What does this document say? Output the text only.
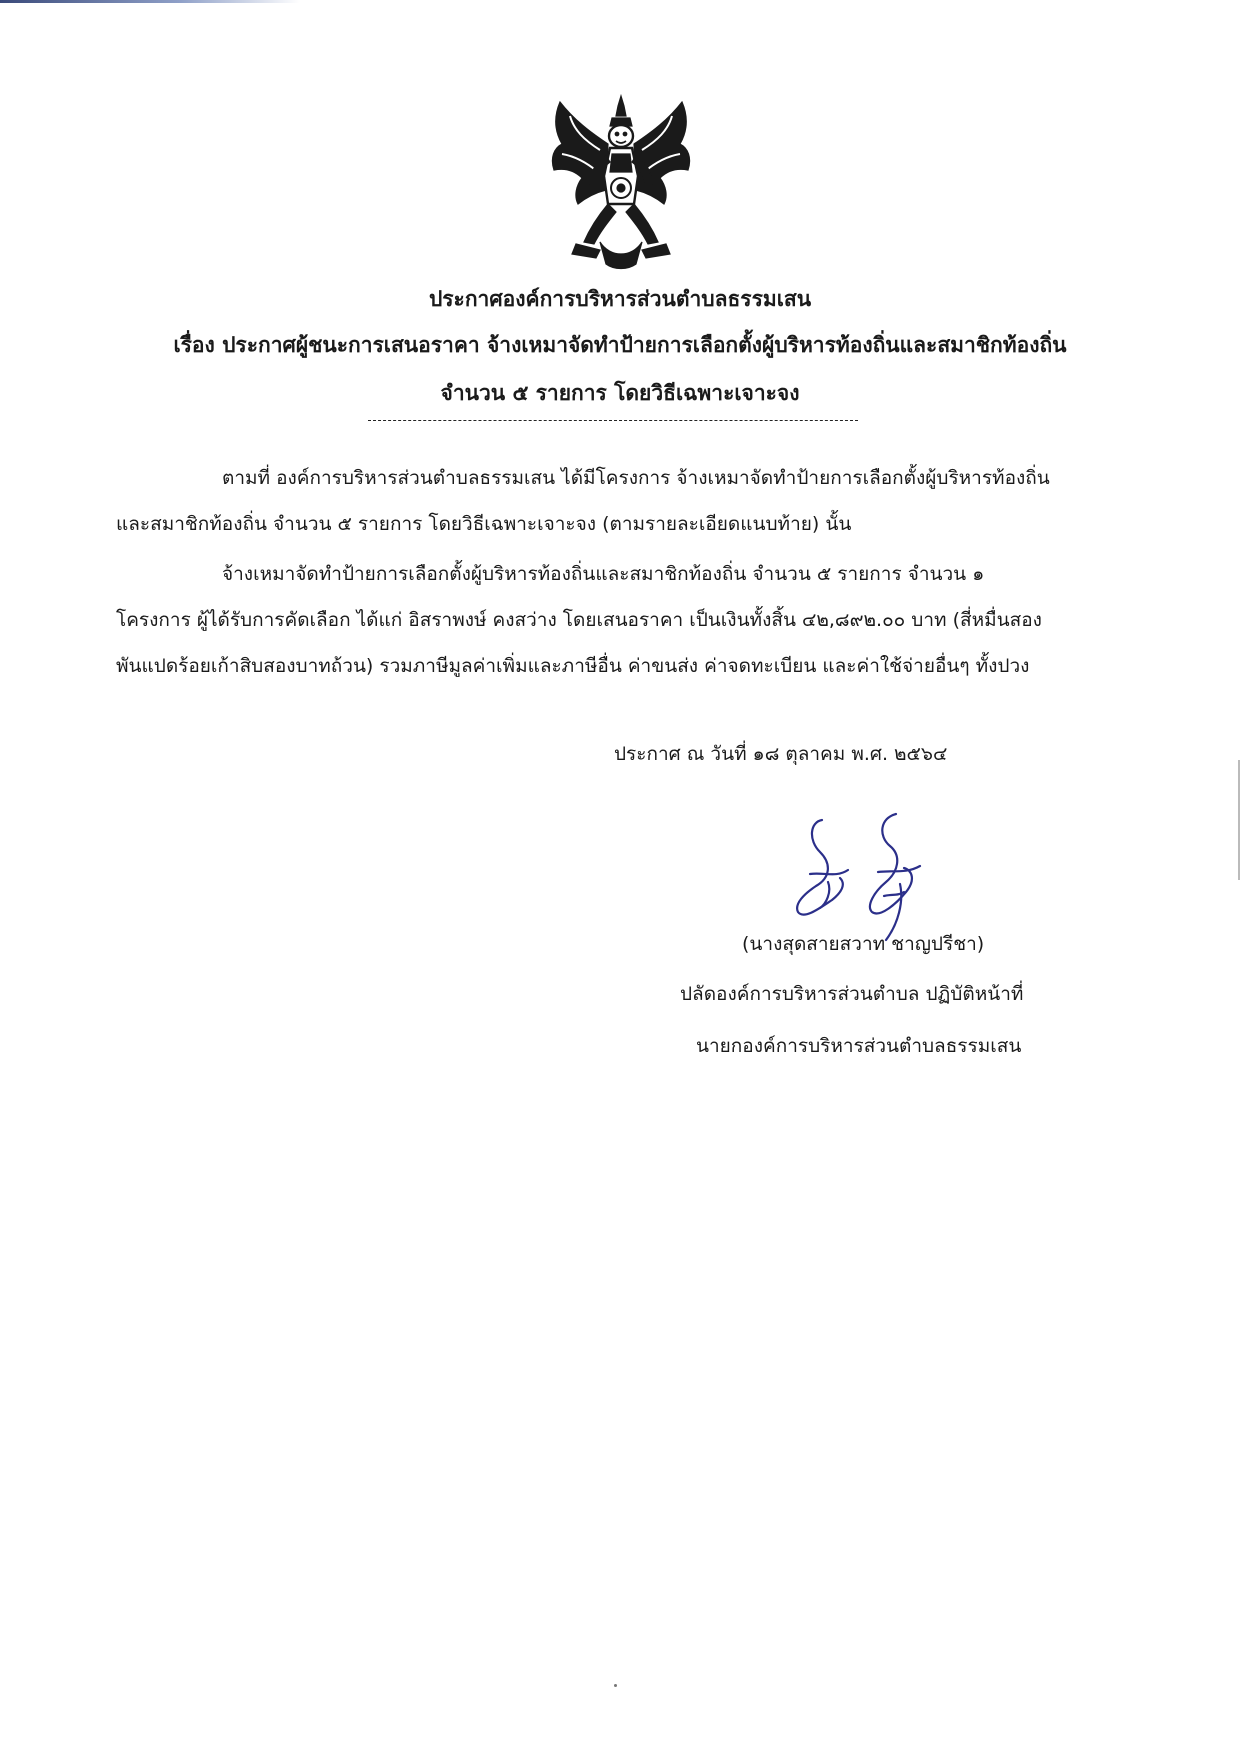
ประกาศองค์การบริหารส่วนตำบลธรรมเสน
เรื่อง ประกาศผู้ชนะการเสนอราคา จ้างเหมาจัดทำป้ายการเลือกตั้งผู้บริหารท้องถิ่นและสมาชิกท้องถิ่น
จำนวน ๕ รายการ โดยวิธีเฉพาะเจาะจง
ตามที่ องค์การบริหารส่วนตำบลธรรมเสน ได้มีโครงการ จ้างเหมาจัดทำป้ายการเลือกตั้งผู้บริหารท้องถิ่น
และสมาชิกท้องถิ่น จำนวน ๕ รายการ โดยวิธีเฉพาะเจาะจง (ตามรายละเอียดแนบท้าย) นั้น
จ้างเหมาจัดทำป้ายการเลือกตั้งผู้บริหารท้องถิ่นและสมาชิกท้องถิ่น จำนวน ๕ รายการ จำนวน ๑
โครงการ ผู้ได้รับการคัดเลือก ได้แก่ อิสราพงษ์ คงสว่าง โดยเสนอราคา เป็นเงินทั้งสิ้น ๔๒,๘๙๒.๐๐ บาท (สี่หมื่นสอง
พันแปดร้อยเก้าสิบสองบาทถ้วน) รวมภาษีมูลค่าเพิ่มและภาษีอื่น ค่าขนส่ง ค่าจดทะเบียน และค่าใช้จ่ายอื่นๆ ทั้งปวง
ประกาศ ณ วันที่ ๑๘ ตุลาคม พ.ศ. ๒๕๖๔
(นางสุดสายสวาท ชาญปรีชา)
ปลัดองค์การบริหารส่วนตำบล ปฏิบัติหน้าที่
นายกองค์การบริหารส่วนตำบลธรรมเสน
